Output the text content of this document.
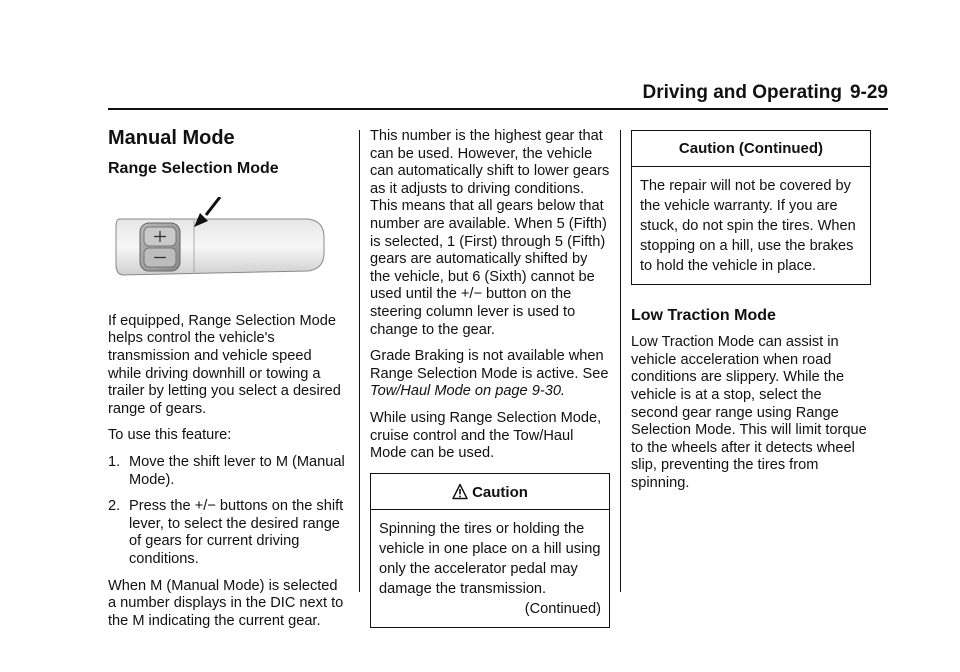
Driving and Operating 9-29
Manual Mode
Range Selection Mode

If equipped, Range Selection Mode helps control the vehicle's transmission and vehicle speed while driving downhill or towing a trailer by letting you select a desired range of gears.

To use this feature:

1. Move the shift lever to M (Manual Mode).
2. Press the +/− buttons on the shift lever, to select the desired range of gears for current driving conditions.

When M (Manual Mode) is selected a number displays in the DIC next to the M indicating the current gear.

This number is the highest gear that can be used. However, the vehicle can automatically shift to lower gears as it adjusts to driving conditions. This means that all gears below that number are available. When 5 (Fifth) is selected, 1 (First) through 5 (Fifth) gears are automatically shifted by the vehicle, but 6 (Sixth) cannot be used until the +/− button on the steering column lever is used to change to the gear.

Grade Braking is not available when Range Selection Mode is active. See Tow/Haul Mode on page 9-30.

While using Range Selection Mode, cruise control and the Tow/Haul Mode can be used.

Caution
Spinning the tires or holding the vehicle in one place on a hill using only the accelerator pedal may damage the transmission.
(Continued)
Caution (Continued)
The repair will not be covered by the vehicle warranty. If you are stuck, do not spin the tires. When stopping on a hill, use the brakes to hold the vehicle in place.
Low Traction Mode

Low Traction Mode can assist in vehicle acceleration when road conditions are slippery. While the vehicle is at a stop, select the second gear range using Range Selection Mode. This will limit torque to the wheels after it detects wheel slip, preventing the tires from spinning.
